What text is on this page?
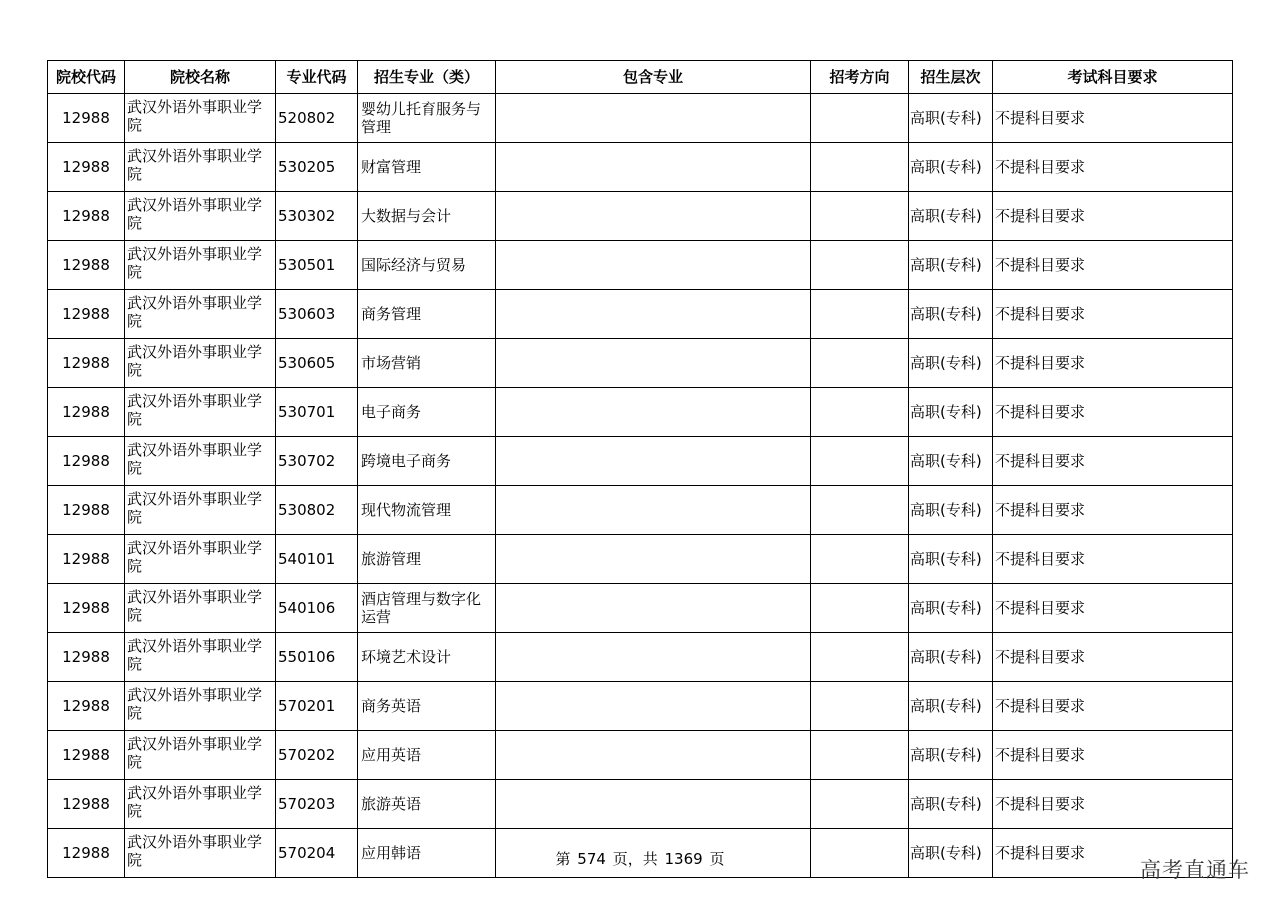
院校代码	院校名称	专业代码	招生专业（类）	包含专业	招考方向	招生层次	考试科目要求
12988	武汉外语外事职业学院	520802	婴幼儿托育服务与管理			高职(专科)	不提科目要求
12988	武汉外语外事职业学院	530205	财富管理			高职(专科)	不提科目要求
12988	武汉外语外事职业学院	530302	大数据与会计			高职(专科)	不提科目要求
12988	武汉外语外事职业学院	530501	国际经济与贸易			高职(专科)	不提科目要求
12988	武汉外语外事职业学院	530603	商务管理			高职(专科)	不提科目要求
12988	武汉外语外事职业学院	530605	市场营销			高职(专科)	不提科目要求
12988	武汉外语外事职业学院	530701	电子商务			高职(专科)	不提科目要求
12988	武汉外语外事职业学院	530702	跨境电子商务			高职(专科)	不提科目要求
12988	武汉外语外事职业学院	530802	现代物流管理			高职(专科)	不提科目要求
12988	武汉外语外事职业学院	540101	旅游管理			高职(专科)	不提科目要求
12988	武汉外语外事职业学院	540106	酒店管理与数字化运营			高职(专科)	不提科目要求
12988	武汉外语外事职业学院	550106	环境艺术设计			高职(专科)	不提科目要求
12988	武汉外语外事职业学院	570201	商务英语			高职(专科)	不提科目要求
12988	武汉外语外事职业学院	570202	应用英语			高职(专科)	不提科目要求
12988	武汉外语外事职业学院	570203	旅游英语			高职(专科)	不提科目要求
12988	武汉外语外事职业学院	570204	应用韩语			高职(专科)	不提科目要求
第 574 页，共 1369 页	高考直通车
